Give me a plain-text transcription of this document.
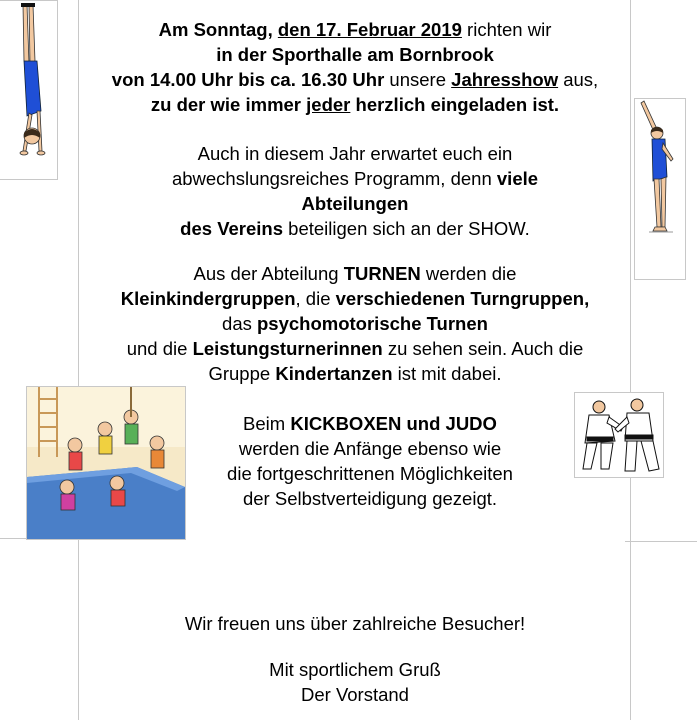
Am Sonntag, den 17. Februar 2019 richten wir

in der Sporthalle am Bornbrook

von 14.00 Uhr bis ca. 16.30 Uhr unsere Jahresshow aus,

zu der wie immer jeder herzlich eingeladen ist.

Auch in diesem Jahr erwartet euch ein

abwechslungsreiches Programm, denn viele

Abteilungen

des Vereins beteiligen sich an der SHOW.

Aus der Abteilung TURNEN werden die

Kleinkindergruppen, die verschiedenen Turngruppen,

das psychomotorische Turnen

und die Leistungsturnerinnen zu sehen sein. Auch die

Gruppe Kindertanzen ist mit dabei.

Beim KICKBOXEN und JUDO

werden die Anfänge ebenso wie

die fortgeschrittenen Möglichkeiten

der Selbstverteidigung gezeigt.

Wir freuen uns über zahlreiche Besucher!

Mit sportlichem Gruß

Der Vorstand
